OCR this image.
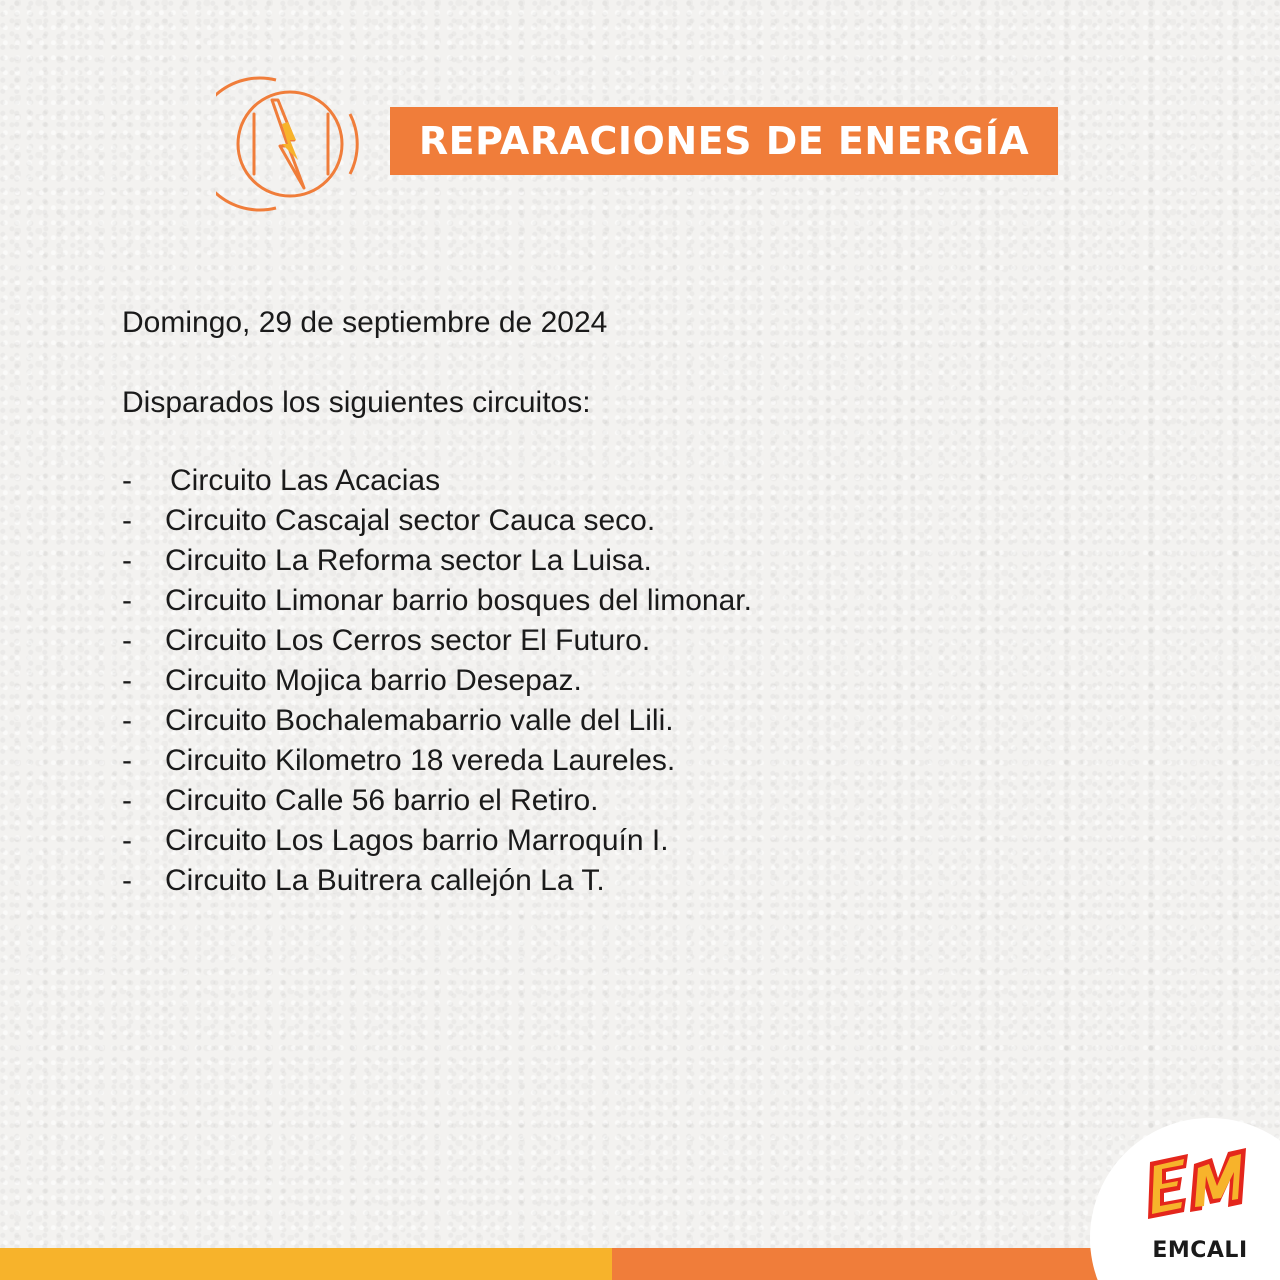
REPARACIONES DE ENERGÍA
Domingo, 29 de septiembre de 2024
Disparados los siguientes circuitos:
-	Circuito Las Acacias
-	Circuito Cascajal sector Cauca seco.
-	Circuito La Reforma sector La Luisa.
-	Circuito Limonar barrio bosques del limonar.
-	Circuito Los Cerros sector El Futuro.
-	Circuito Mojica barrio Desepaz.
-	Circuito Bochalemabarrio valle del Lili.
-	Circuito Kilometro 18 vereda Laureles.
-	Circuito Calle 56 barrio el Retiro.
-	Circuito Los Lagos barrio Marroquín I.
-	Circuito La Buitrera callejón La T.
EMCALI
